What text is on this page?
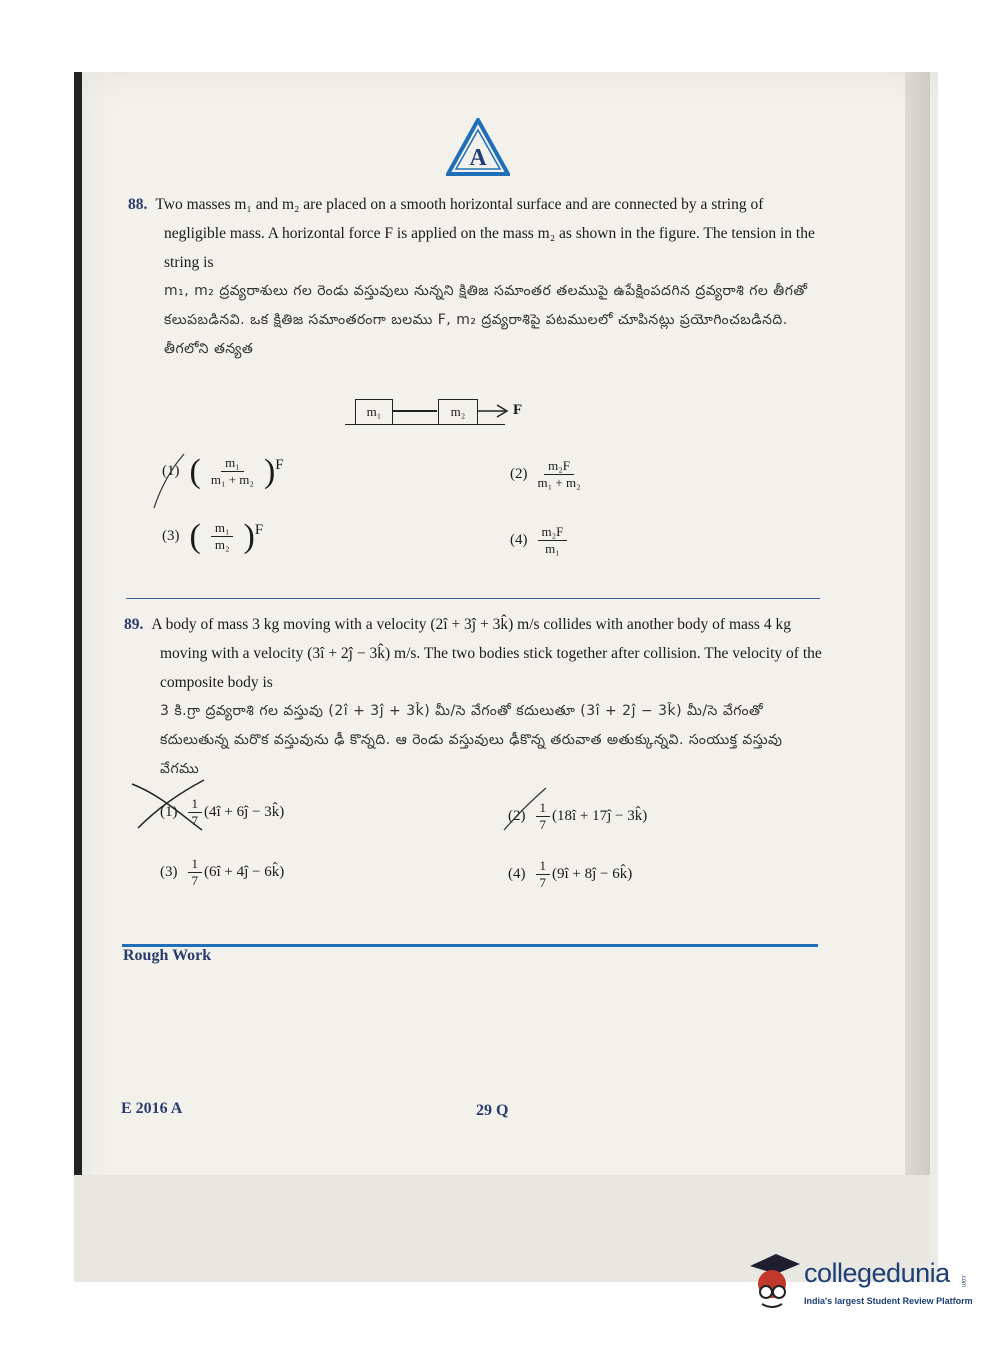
A
88. Two masses m₁ and m₂ are placed on a smooth horizontal surface and are connected by a string of negligible mass. A horizontal force F is applied on the mass m₂ as shown in the figure. The tension in the string is
m₁, m₂ ద్రవ్యరాశులు గల రెండు వస్తువులు నున్నని క్షితిజ సమాంతర తలముపై ఉపేక్షింపదగిన ద్రవ్యరాశి గల తీగతో కలుపబడినవి. ఒక క్షితిజ సమాంతరంగా బలము F, m₂ ద్రవ్యరాశిపై పటములలో చూపినట్లు ప్రయోగించబడినది. తీగలోని తన్యత
m₁	m₂	F
(1) ( $\frac{\text{m₁}}{\text{m₁ + m₂}}$ ) F
$(2) \frac{\text{m₂F}}{\text{m₁ + m₂}}$
(3) ( $\frac{\text{m₁}}{\text{m₂}}$ ) F
$(4) \frac{\text{m₂F}}{\text{m₁}}$
89. A body of mass 3 kg moving with a velocity (2î + 3ĵ + 3k̂) m/s collides with another body of mass 4 kg moving with a velocity (3î + 2ĵ − 3k̂) m/s. The two bodies stick together after collision. The velocity of the composite body is
3 కి.గ్రా ద్రవ్యరాశి గల వస్తువు (2î + 3ĵ + 3k̂) మీ/సె వేగంతో కదులుతూ (3î + 2ĵ − 3k̂) మీ/సె వేగంతో కదులుతున్న మరొక వస్తువును ఢీ కొన్నది. ఆ రెండు వస్తువులు ఢీకొన్న తరువాత అతుక్కున్నవి. సంయుక్త వస్తువు వేగము
$(1) \frac{1}{7}$ (4î + 6ĵ − 3k̂)	$(2) \frac{1}{7}$ (18î + 17ĵ − 3k̂)
$(3) \frac{1}{7}$ (6î + 4ĵ − 6k̂)	$(4) \frac{1}{7}$ (9î + 8ĵ − 6k̂)
Rough Work
E 2016 A	29 Q
collegedunia .com
India's largest Student Review Platform
